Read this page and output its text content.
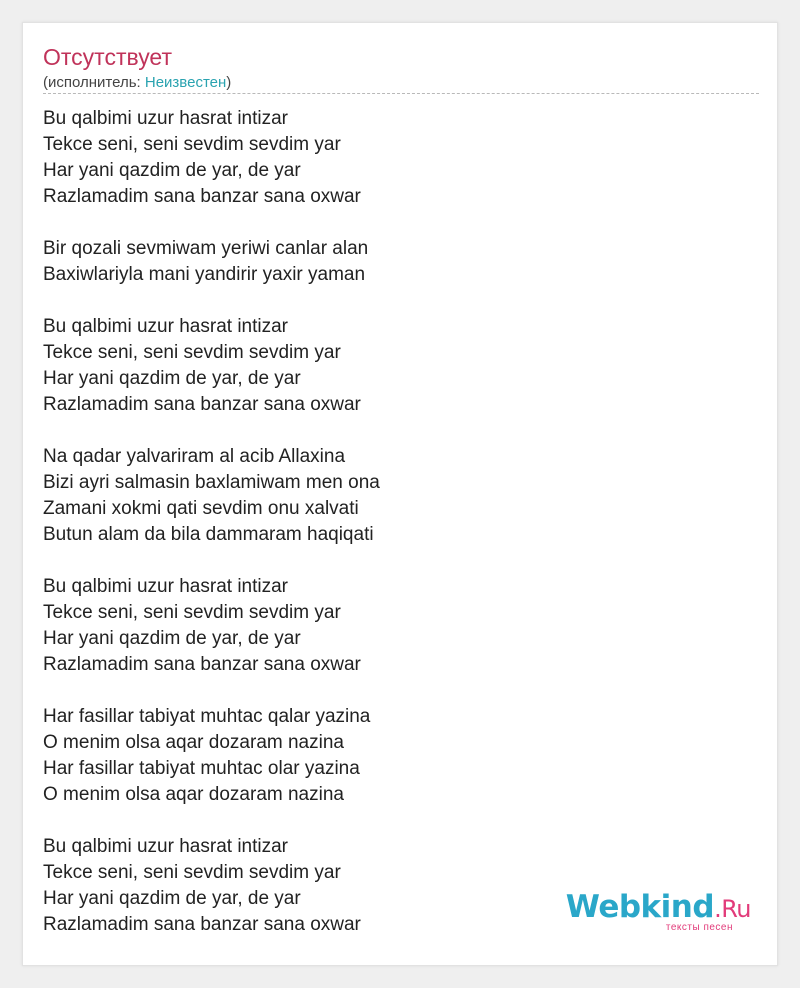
Отсутствует
(исполнитель: Неизвестен)
Bu qalbimi uzur hasrat intizar
Tekce seni, seni sevdim sevdim yar
Har yani qazdim de yar, de yar
Razlamadim sana banzar sana oxwar
Bir qozali sevmiwam yeriwi canlar alan
Baxiwlariyla mani yandirir yaxir yaman
Bu qalbimi uzur hasrat intizar
Tekce seni, seni sevdim sevdim yar
Har yani qazdim de yar, de yar
Razlamadim sana banzar sana oxwar
Na qadar yalvariram al acib Allaxina
Bizi ayri salmasin baxlamiwam men ona
Zamani xokmi qati sevdim onu xalvati
Butun alam da bila dammaram haqiqati
Bu qalbimi uzur hasrat intizar
Tekce seni, seni sevdim sevdim yar
Har yani qazdim de yar, de yar
Razlamadim sana banzar sana oxwar
Har fasillar tabiyat muhtac qalar yazina
O menim olsa aqar dozaram nazina
Har fasillar tabiyat muhtac olar yazina
O menim olsa aqar dozaram nazina
Bu qalbimi uzur hasrat intizar
Tekce seni, seni sevdim sevdim yar
Har yani qazdim de yar, de yar
Razlamadim sana banzar sana oxwar	Webkind.Ru
тексты песен
